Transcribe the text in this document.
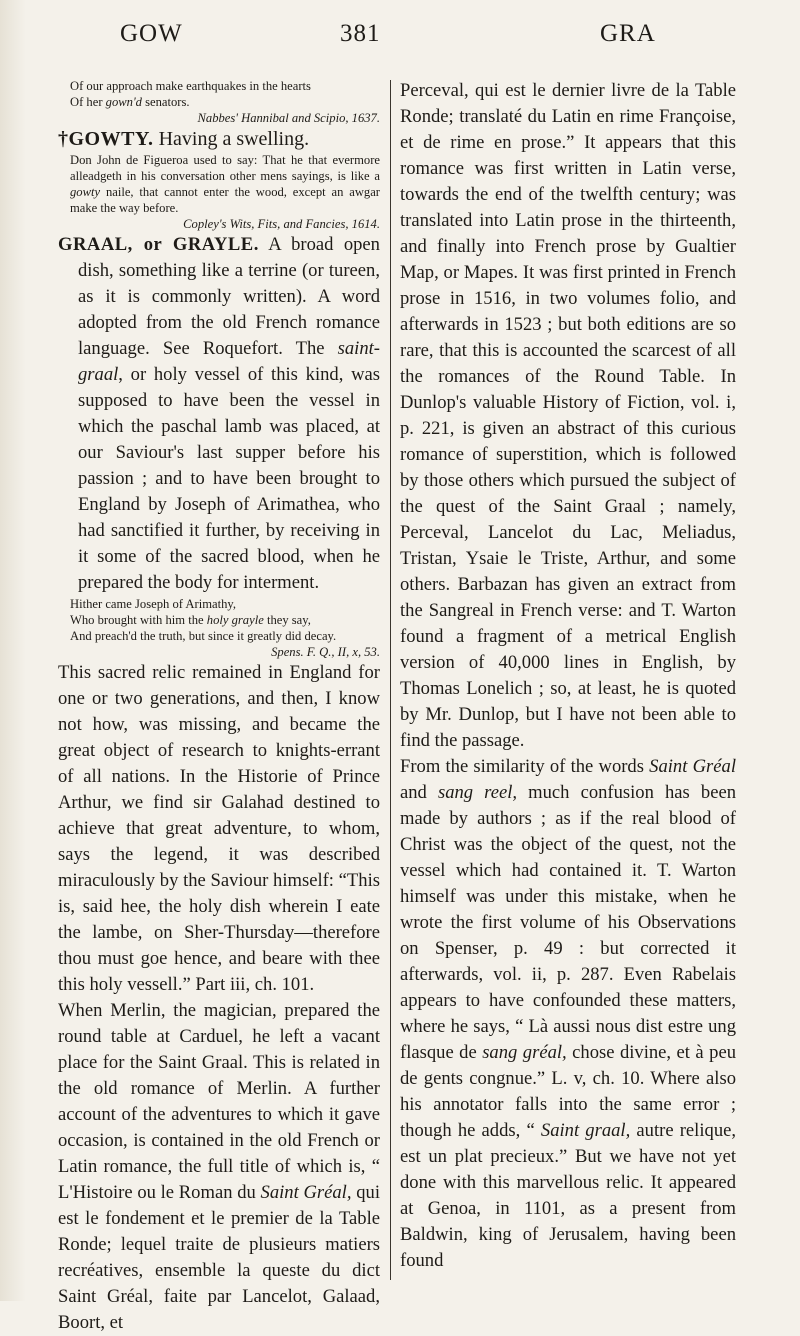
GOW	381	GRA
Of our approach make earthquakes in the hearts
Of her gown'd senators.
Nabbes' Hannibal and Scipio, 1637.

†GOWTY. Having a swelling.

Don John de Figueroa used to say: That he that evermore alleadgeth in his conversation other mens sayings, is like a gowty naile, that cannot enter the wood, except an awgar make the way before.

Copley's Wits, Fits, and Fancies, 1614.

GRAAL, or GRAYLE. A broad open dish, something like a terrine (or tureen, as it is commonly written). A word adopted from the old French romance language. See Roquefort. The saint-graal, or holy vessel of this kind, was supposed to have been the vessel in which the paschal lamb was placed, at our Saviour's last supper before his passion ; and to have been brought to England by Joseph of Arimathea, who had sanctified it further, by receiving in it some of the sacred blood, when he prepared the body for interment.

Hither came Joseph of Arimathy,
Who brought with him the holy grayle they say,
And preach'd the truth, but since it greatly did decay.
Spens. F. Q., II, x, 53.

This sacred relic remained in England for one or two generations, and then, I know not how, was missing, and became the great object of research to knights-errant of all nations. In the Historie of Prince Arthur, we find sir Galahad destined to achieve that great adventure, to whom, says the legend, it was described miraculously by the Saviour himself: “This is, said hee, the holy dish wherein I eate the lambe, on Sher-Thursday—therefore thou must goe hence, and beare with thee this holy vessell.” Part iii, ch. 101.

When Merlin, the magician, prepared the round table at Carduel, he left a vacant place for the Saint Graal. This is related in the old romance of Merlin. A further account of the adventures to which it gave occasion, is contained in the old French or Latin romance, the full title of which is, “ L'Histoire ou le Roman du Saint Gréal, qui est le fondement et le premier de la Table Ronde; lequel traite de plusieurs matiers recréatives, ensemble la queste du dict Saint Gréal, faite par Lancelot, Galaad, Boort, et

Perceval, qui est le dernier livre de la Table Ronde; translaté du Latin en rime Françoise, et de rime en prose.” It appears that this romance was first written in Latin verse, towards the end of the twelfth century; was translated into Latin prose in the thirteenth, and finally into French prose by Gualtier Map, or Mapes. It was first printed in French prose in 1516, in two volumes folio, and afterwards in 1523 ; but both editions are so rare, that this is accounted the scarcest of all the romances of the Round Table. In Dunlop's valuable History of Fiction, vol. i, p. 221, is given an abstract of this curious romance of superstition, which is followed by those others which pursued the subject of the quest of the Saint Graal ; namely, Perceval, Lancelot du Lac, Meliadus, Tristan, Ysaie le Triste, Arthur, and some others. Barbazan has given an extract from the Sangreal in French verse: and T. Warton found a fragment of a metrical English version of 40,000 lines in English, by Thomas Lonelich ; so, at least, he is quoted by Mr. Dunlop, but I have not been able to find the passage.

From the similarity of the words Saint Gréal and sang reel, much confusion has been made by authors ; as if the real blood of Christ was the object of the quest, not the vessel which had contained it. T. Warton himself was under this mistake, when he wrote the first volume of his Observations on Spenser, p. 49 : but corrected it afterwards, vol. ii, p. 287. Even Rabelais appears to have confounded these matters, where he says, “ Là aussi nous dist estre ung flasque de sang gréal, chose divine, et à peu de gents congnue.” L. v, ch. 10. Where also his annotator falls into the same error ; though he adds, “ Saint graal, autre relique, est un plat precieux.” But we have not yet done with this marvellous relic. It appeared at Genoa, in 1101, as a present from Baldwin, king of Jerusalem, having been found
